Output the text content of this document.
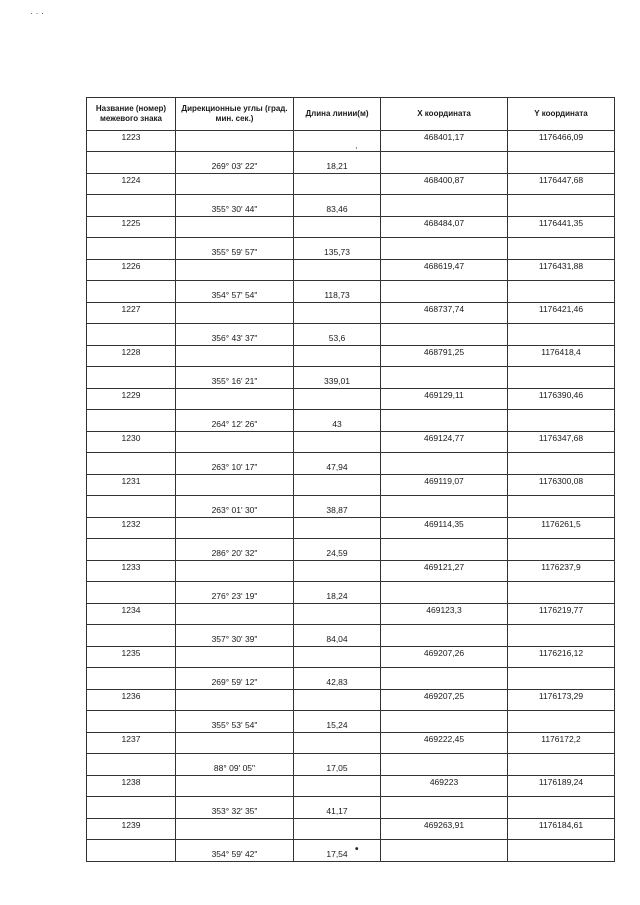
· · ·
,
Название (номер) межевого знака	Дирекционные углы (град. мин. сек.)	Длина линии(м)	X координата	Y координата
1223			468401,17	1176466,09
	269° 03' 22"	18,21		
1224			468400,87	1176447,68
	355° 30' 44"	83,46		
1225			468484,07	1176441,35
	355° 59' 57"	135,73		
1226			468619,47	1176431,88
	354° 57' 54"	118,73		
1227			468737,74	1176421,46
	356° 43' 37"	53,6		
1228			468791,25	1176418,4
	355° 16' 21"	339,01		
1229			469129,11	1176390,46
	264° 12' 26"	43		
1230			469124,77	1176347,68
	263° 10' 17"	47,94		
1231			469119,07	1176300,08
	263° 01' 30"	38,87		
1232			469114,35	1176261,5
	286° 20' 32"	24,59		
1233			469121,27	1176237,9
	276° 23' 19"	18,24		
1234			469123,3	1176219,77
	357° 30' 39"	84,04		
1235			469207,26	1176216,12
	269° 59' 12"	42,83		
1236			469207,25	1176173,29
	355° 53' 54"	15,24		
1237			469222,45	1176172,2
	88° 09' 05"	17,05		
1238			469223	1176189,24
	353° 32' 35"	41,17		
1239			469263,91	1176184,61
	354° 59' 42"	17,54		•
